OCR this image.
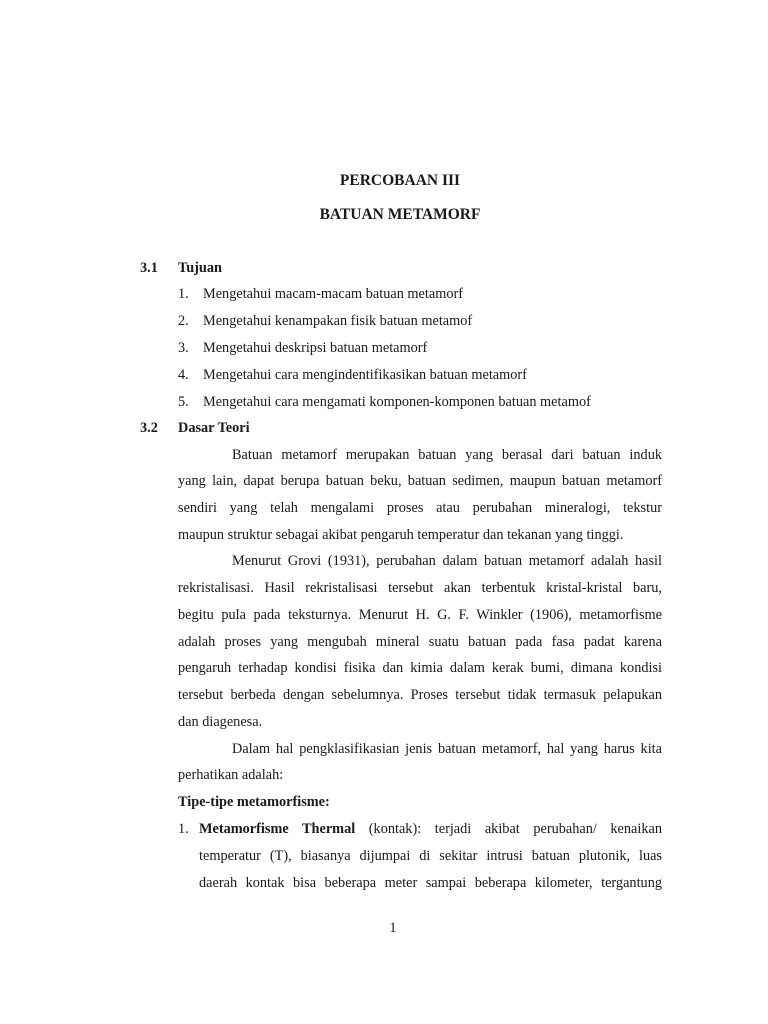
PERCOBAAN III
BATUAN METAMORF
3.1 Tujuan
1. Mengetahui macam-macam batuan metamorf
2. Mengetahui kenampakan fisik batuan metamof
3. Mengetahui deskripsi batuan metamorf
4. Mengetahui cara mengindentifikasikan batuan metamorf
5. Mengetahui cara mengamati komponen-komponen batuan metamof
3.2 Dasar Teori
Batuan metamorf merupakan batuan yang berasal dari batuan induk
yang lain, dapat berupa batuan beku, batuan sedimen, maupun batuan metamorf
sendiri yang telah mengalami proses atau perubahan mineralogi, tekstur
maupun struktur sebagai akibat pengaruh temperatur dan tekanan yang tinggi.
Menurut Grovi (1931), perubahan dalam batuan metamorf adalah hasil
rekristalisasi. Hasil rekristalisasi tersebut akan terbentuk kristal-kristal baru,
begitu pula pada teksturnya. Menurut H. G. F. Winkler (1906), metamorfisme
adalah proses yang mengubah mineral suatu batuan pada fasa padat karena
pengaruh terhadap kondisi fisika dan kimia dalam kerak bumi, dimana kondisi
tersebut berbeda dengan sebelumnya. Proses tersebut tidak termasuk pelapukan
dan diagenesa.
Dalam hal pengklasifikasian jenis batuan metamorf, hal yang harus kita
perhatikan adalah:
Tipe-tipe metamorfisme:
1. Metamorfisme Thermal (kontak): terjadi akibat perubahan/ kenaikan
temperatur (T), biasanya dijumpai di sekitar intrusi batuan plutonik, luas
daerah kontak bisa beberapa meter sampai beberapa kilometer, tergantung
1
